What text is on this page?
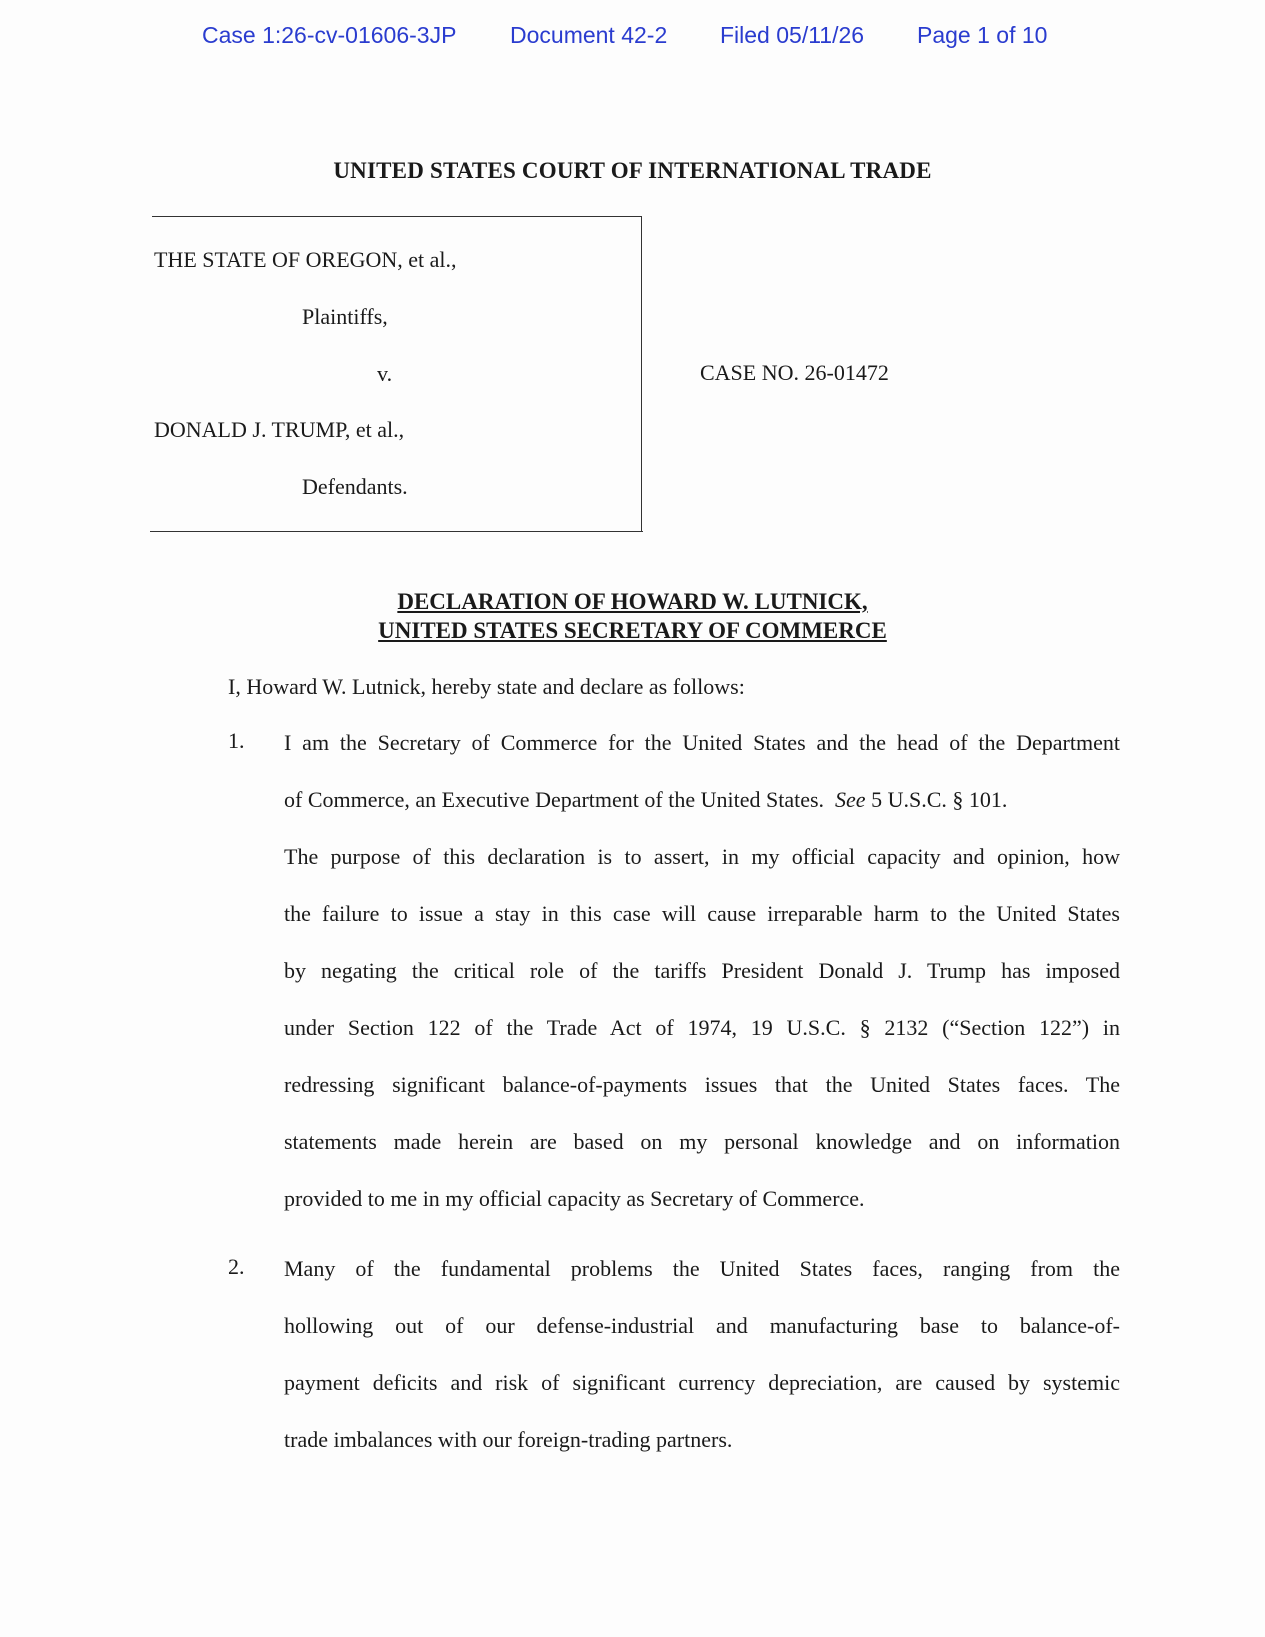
Case 1:26-cv-01606-3JP Document 42-2 Filed 05/11/26 Page 1 of 10
UNITED STATES COURT OF INTERNATIONAL TRADE
THE STATE OF OREGON, et al.,
Plaintiffs,
v.
DONALD J. TRUMP, et al.,
Defendants.
CASE NO. 26-01472
DECLARATION OF HOWARD W. LUTNICK,
UNITED STATES SECRETARY OF COMMERCE
I, Howard W. Lutnick, hereby state and declare as follows:
1.	I am the Secretary of Commerce for the United States and the head of the Department
of Commerce, an Executive Department of the United States. See 5 U.S.C. § 101.
The purpose of this declaration is to assert, in my official capacity and opinion, how
the failure to issue a stay in this case will cause irreparable harm to the United States
by negating the critical role of the tariffs President Donald J. Trump has imposed
under Section 122 of the Trade Act of 1974, 19 U.S.C. § 2132 (“Section 122”) in
redressing significant balance-of-payments issues that the United States faces. The
statements made herein are based on my personal knowledge and on information
provided to me in my official capacity as Secretary of Commerce.
2.	Many of the fundamental problems the United States faces, ranging from the
hollowing out of our defense-industrial and manufacturing base to balance-of-
payment deficits and risk of significant currency depreciation, are caused by systemic
trade imbalances with our foreign-trading partners.
